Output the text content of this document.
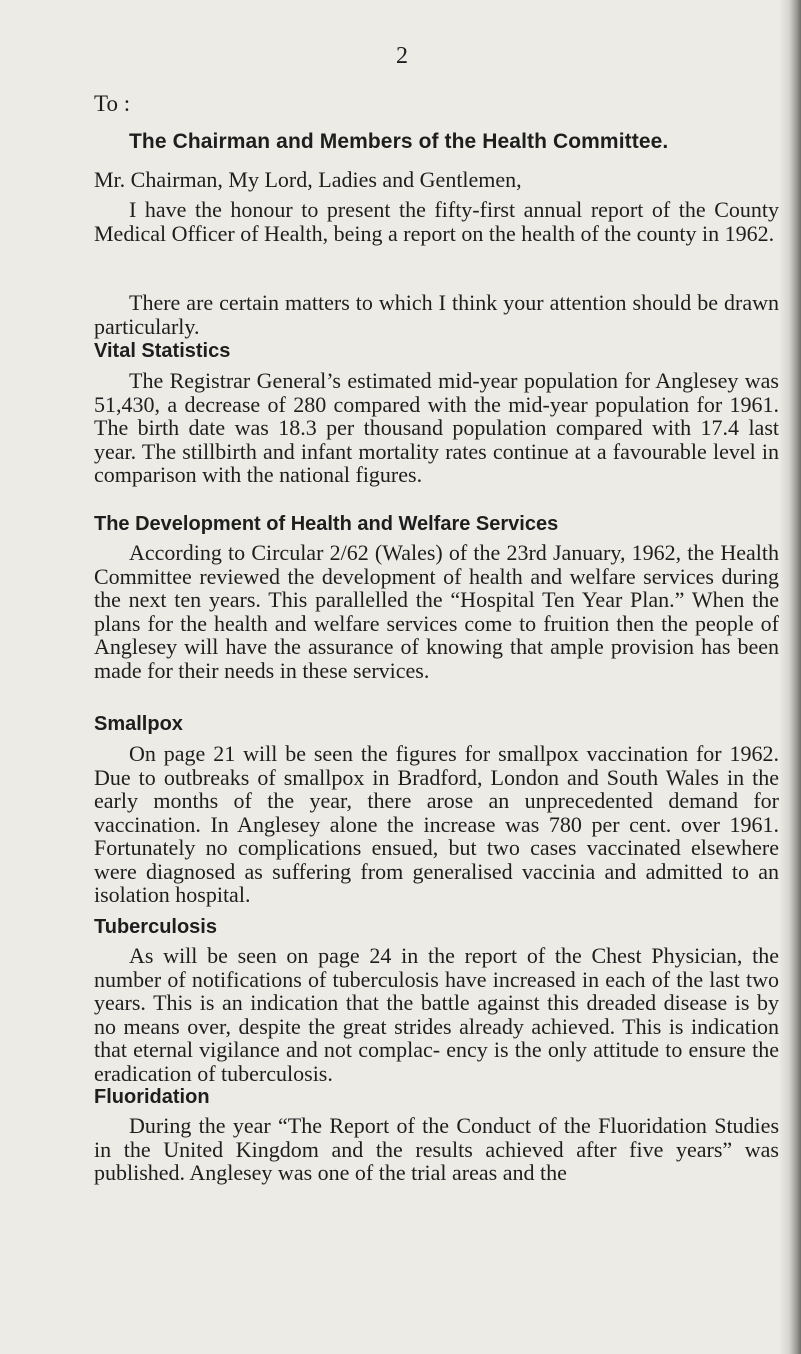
2
To :
The Chairman and Members of the Health Committee.
Mr. Chairman, My Lord, Ladies and Gentlemen,

I have the honour to present the fifty-first annual report of the County Medical Officer of Health, being a report on the health of the county in 1962.

There are certain matters to which I think your attention should be drawn particularly.

Vital Statistics

The Registrar General’s estimated mid-year population for Anglesey was 51,430, a decrease of 280 compared with the mid-year population for 1961. The birth date was 18.3 per thousand population compared with 17.4 last year. The stillbirth and infant mortality rates continue at a favourable level in comparison with the national figures.

The Development of Health and Welfare Services

According to Circular 2/62 (Wales) of the 23rd January, 1962, the Health Committee reviewed the development of health and welfare services during the next ten years. This parallelled the “Hospital Ten Year Plan.” When the plans for the health and welfare services come to fruition then the people of Anglesey will have the assurance of knowing that ample provision has been made for their needs in these services.

Smallpox

On page 21 will be seen the figures for smallpox vaccination for 1962. Due to outbreaks of smallpox in Bradford, London and South Wales in the early months of the year, there arose an unprecedented demand for vaccination. In Anglesey alone the increase was 780 per cent. over 1961. Fortunately no complications ensued, but two cases vaccinated elsewhere were diagnosed as suffering from generalised vaccinia and admitted to an isolation hospital.

Tuberculosis

As will be seen on page 24 in the report of the Chest Physician, the number of notifications of tuberculosis have increased in each of the last two years. This is an indication that the battle against this dreaded disease is by no means over, despite the great strides already achieved. This is indication that eternal vigilance and not complac- ency is the only attitude to ensure the eradication of tuberculosis.

Fluoridation

During the year “The Report of the Conduct of the Fluoridation Studies in the United Kingdom and the results achieved after five years” was published. Anglesey was one of the trial areas and the
